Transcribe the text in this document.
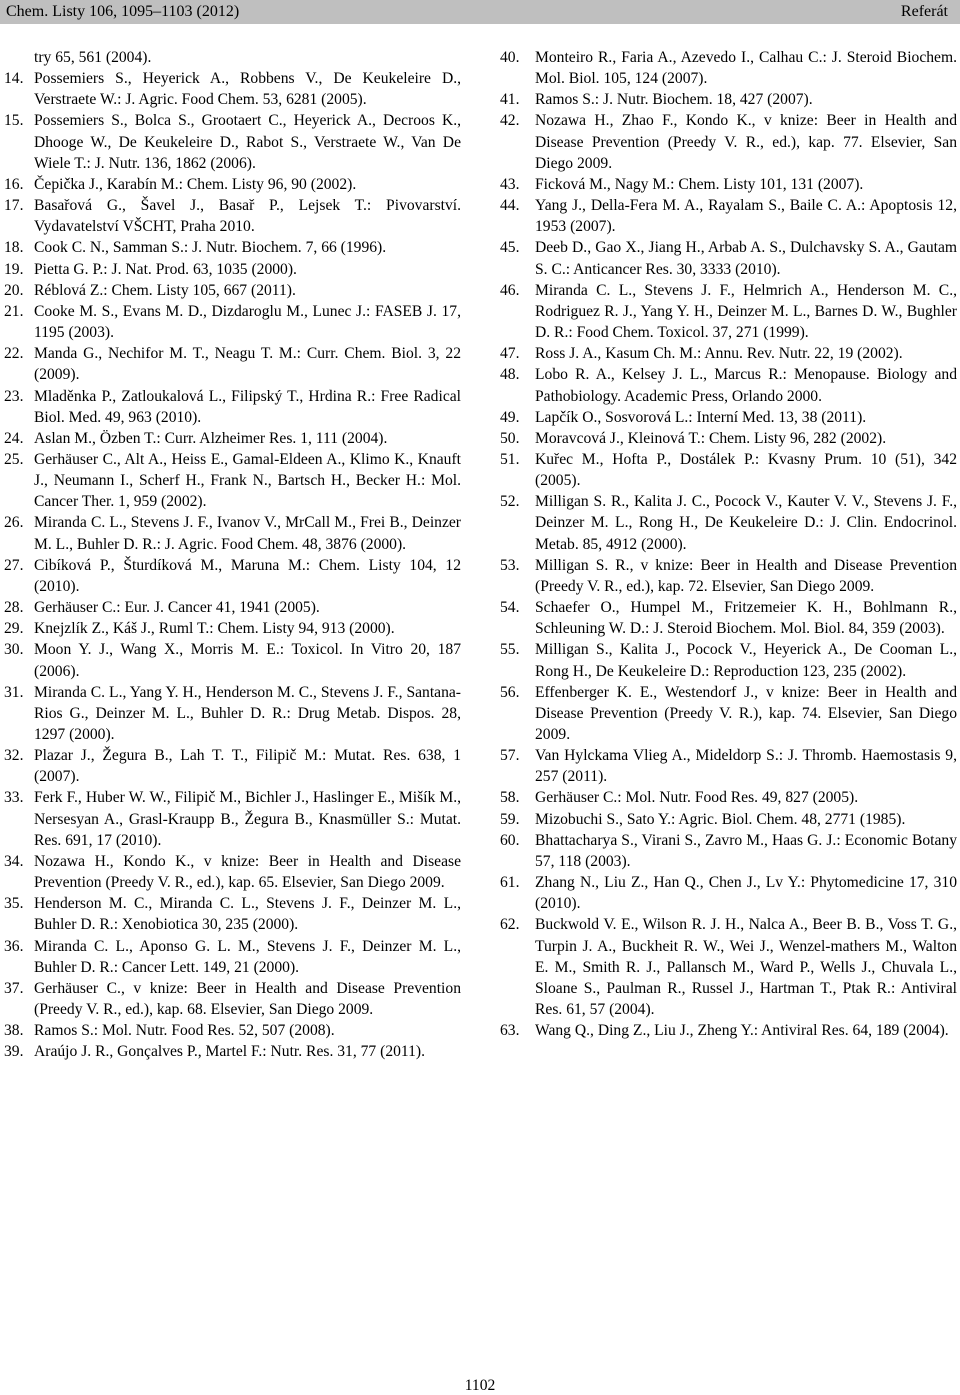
Chem. Listy 106, 1095–1103 (2012)	Referát
try 65, 561 (2004).
14. Possemiers S., Heyerick A., Robbens V., De Keukeleire D., Verstraete W.: J. Agric. Food Chem. 53, 6281 (2005).
15. Possemiers S., Bolca S., Grootaert C., Heyerick A., Decroos K., Dhooge W., De Keukeleire D., Rabot S., Verstraete W., Van De Wiele T.: J. Nutr. 136, 1862 (2006).
16. Čepička J., Karabín M.: Chem. Listy 96, 90 (2002).
17. Basařová G., Šavel J., Basař P., Lejsek T.: Pivovarství. Vydavatelství VŠCHT, Praha 2010.
18. Cook C. N., Samman S.: J. Nutr. Biochem. 7, 66 (1996).
19. Pietta G. P.: J. Nat. Prod. 63, 1035 (2000).
20. Réblová Z.: Chem. Listy 105, 667 (2011).
21. Cooke M. S., Evans M. D., Dizdaroglu M., Lunec J.: FASEB J. 17, 1195 (2003).
22. Manda G., Nechifor M. T., Neagu T. M.: Curr. Chem. Biol. 3, 22 (2009).
23. Mladěnka P., Zatloukalová L., Filipský T., Hrdina R.: Free Radical Biol. Med. 49, 963 (2010).
24. Aslan M., Özben T.: Curr. Alzheimer Res. 1, 111 (2004).
25. Gerhäuser C., Alt A., Heiss E., Gamal-Eldeen A., Klimo K., Knauft J., Neumann I., Scherf H., Frank N., Bartsch H., Becker H.: Mol. Cancer Ther. 1, 959 (2002).
26. Miranda C. L., Stevens J. F., Ivanov V., MrCall M., Frei B., Deinzer M. L., Buhler D. R.: J. Agric. Food Chem. 48, 3876 (2000).
27. Cibíková P., Šturdíková M., Maruna M.: Chem. Listy 104, 12 (2010).
28. Gerhäuser C.: Eur. J. Cancer 41, 1941 (2005).
29. Knejzlík Z., Káš J., Ruml T.: Chem. Listy 94, 913 (2000).
30. Moon Y. J., Wang X., Morris M. E.: Toxicol. In Vitro 20, 187 (2006).
31. Miranda C. L., Yang Y. H., Henderson M. C., Stevens J. F., Santana-Rios G., Deinzer M. L., Buhler D. R.: Drug Metab. Dispos. 28, 1297 (2000).
32. Plazar J., Žegura B., Lah T. T., Filipič M.: Mutat. Res. 638, 1 (2007).
33. Ferk F., Huber W. W., Filipič M., Bichler J., Haslinger E., Mišík M., Nersesyan A., Grasl-Kraupp B., Žegura B., Knasmüller S.: Mutat. Res. 691, 17 (2010).
34. Nozawa H., Kondo K., v knize: Beer in Health and Disease Prevention (Preedy V. R., ed.), kap. 65. Elsevier, San Diego 2009.
35. Henderson M. C., Miranda C. L., Stevens J. F., Deinzer M. L., Buhler D. R.: Xenobiotica 30, 235 (2000).
36. Miranda C. L., Aponso G. L. M., Stevens J. F., Deinzer M. L., Buhler D. R.: Cancer Lett. 149, 21 (2000).
37. Gerhäuser C., v knize: Beer in Health and Disease Prevention (Preedy V. R., ed.), kap. 68. Elsevier, San Diego 2009.
38. Ramos S.: Mol. Nutr. Food Res. 52, 507 (2008).
39. Araújo J. R., Gonçalves P., Martel F.: Nutr. Res. 31, 77 (2011).
40. Monteiro R., Faria A., Azevedo I., Calhau C.: J. Steroid Biochem. Mol. Biol. 105, 124 (2007).
41. Ramos S.: J. Nutr. Biochem. 18, 427 (2007).
42. Nozawa H., Zhao F., Kondo K., v knize: Beer in Health and Disease Prevention (Preedy V. R., ed.), kap. 77. Elsevier, San Diego 2009.
43. Ficková M., Nagy M.: Chem. Listy 101, 131 (2007).
44. Yang J., Della-Fera M. A., Rayalam S., Baile C. A.: Apoptosis 12, 1953 (2007).
45. Deeb D., Gao X., Jiang H., Arbab A. S., Dulchavsky S. A., Gautam S. C.: Anticancer Res. 30, 3333 (2010).
46. Miranda C. L., Stevens J. F., Helmrich A., Henderson M. C., Rodriguez R. J., Yang Y. H., Deinzer M. L., Barnes D. W., Bughler D. R.: Food Chem. Toxicol. 37, 271 (1999).
47. Ross J. A., Kasum Ch. M.: Annu. Rev. Nutr. 22, 19 (2002).
48. Lobo R. A., Kelsey J. L., Marcus R.: Menopause. Biology and Pathobiology. Academic Press, Orlando 2000.
49. Lapčík O., Sosvorová L.: Interní Med. 13, 38 (2011).
50. Moravcová J., Kleinová T.: Chem. Listy 96, 282 (2002).
51. Kuřec M., Hofta P., Dostálek P.: Kvasny Prum. 10 (51), 342 (2005).
52. Milligan S. R., Kalita J. C., Pocock V., Kauter V. V., Stevens J. F., Deinzer M. L., Rong H., De Keukeleire D.: J. Clin. Endocrinol. Metab. 85, 4912 (2000).
53. Milligan S. R., v knize: Beer in Health and Disease Prevention (Preedy V. R., ed.), kap. 72. Elsevier, San Diego 2009.
54. Schaefer O., Humpel M., Fritzemeier K. H., Bohlmann R., Schleuning W. D.: J. Steroid Biochem. Mol. Biol. 84, 359 (2003).
55. Milligan S., Kalita J., Pocock V., Heyerick A., De Cooman L., Rong H., De Keukeleire D.: Reproduction 123, 235 (2002).
56. Effenberger K. E., Westendorf J., v knize: Beer in Health and Disease Prevention (Preedy V. R.), kap. 74. Elsevier, San Diego 2009.
57. Van Hylckama Vlieg A., Mideldorp S.: J. Thromb. Haemostasis 9, 257 (2011).
58. Gerhäuser C.: Mol. Nutr. Food Res. 49, 827 (2005).
59. Mizobuchi S., Sato Y.: Agric. Biol. Chem. 48, 2771 (1985).
60. Bhattacharya S., Virani S., Zavro M., Haas G. J.: Economic Botany 57, 118 (2003).
61. Zhang N., Liu Z., Han Q., Chen J., Lv Y.: Phytomedicine 17, 310 (2010).
62. Buckwold V. E., Wilson R. J. H., Nalca A., Beer B. B., Voss T. G., Turpin J. A., Buckheit R. W., Wei J., Wenzel-mathers M., Walton E. M., Smith R. J., Pallansch M., Ward P., Wells J., Chuvala L., Sloane S., Paulman R., Russel J., Hartman T., Ptak R.: Antiviral Res. 61, 57 (2004).
63. Wang Q., Ding Z., Liu J., Zheng Y.: Antiviral Res. 64, 189 (2004).
1102
